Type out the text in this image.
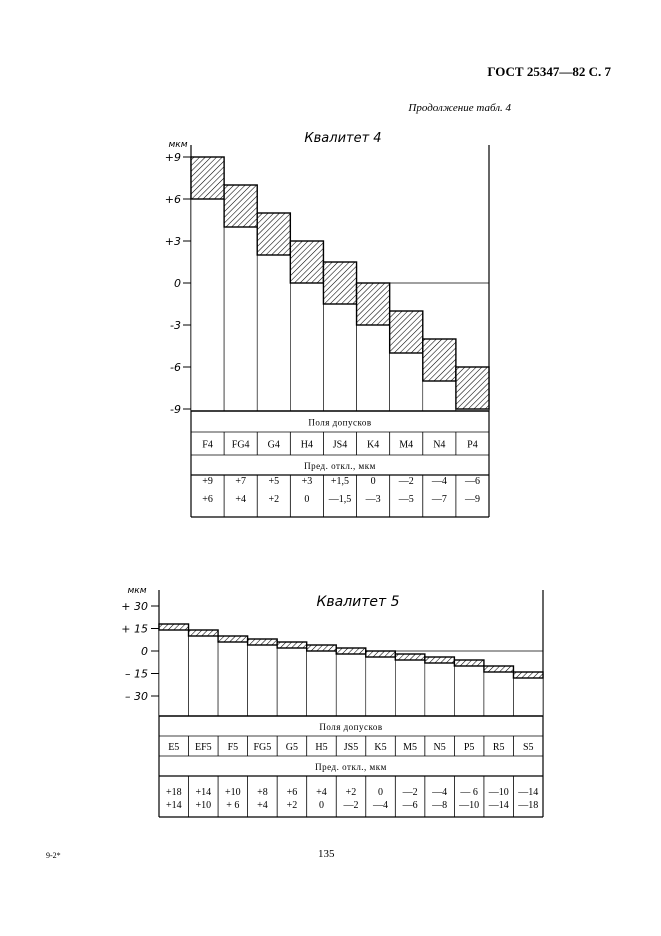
ГОСТ 25347—82 С. 7
Продолжение табл. 4
Квалитет 4
мкм
+9
+6
+3
0
-3
-6
-9
Поля допусков
Пред. откл., мкм
F4
+9
+6
FG4
+7
+4
G4
+5
+2
H4
+3
0
JS4
+1,5
—1,5
K4
0
—3
M4
—2
—5
N4
—4
—7
P4
—6
—9
Квалитет 5
мкм
+ 30
+ 15
0
– 15
– 30
Поля допусков
Пред. откл., мкм
E5
+18
+14
EF5
+14
+10
F5
+10
+ 6
FG5
+8
+4
G5
+6
+2
H5
+4
0
JS5
+2
—2
K5
0
—4
M5
—2
—6
N5
—4
—8
P5
— 6
—10
R5
—10
—14
S5
—14
—18
135
9-2*
